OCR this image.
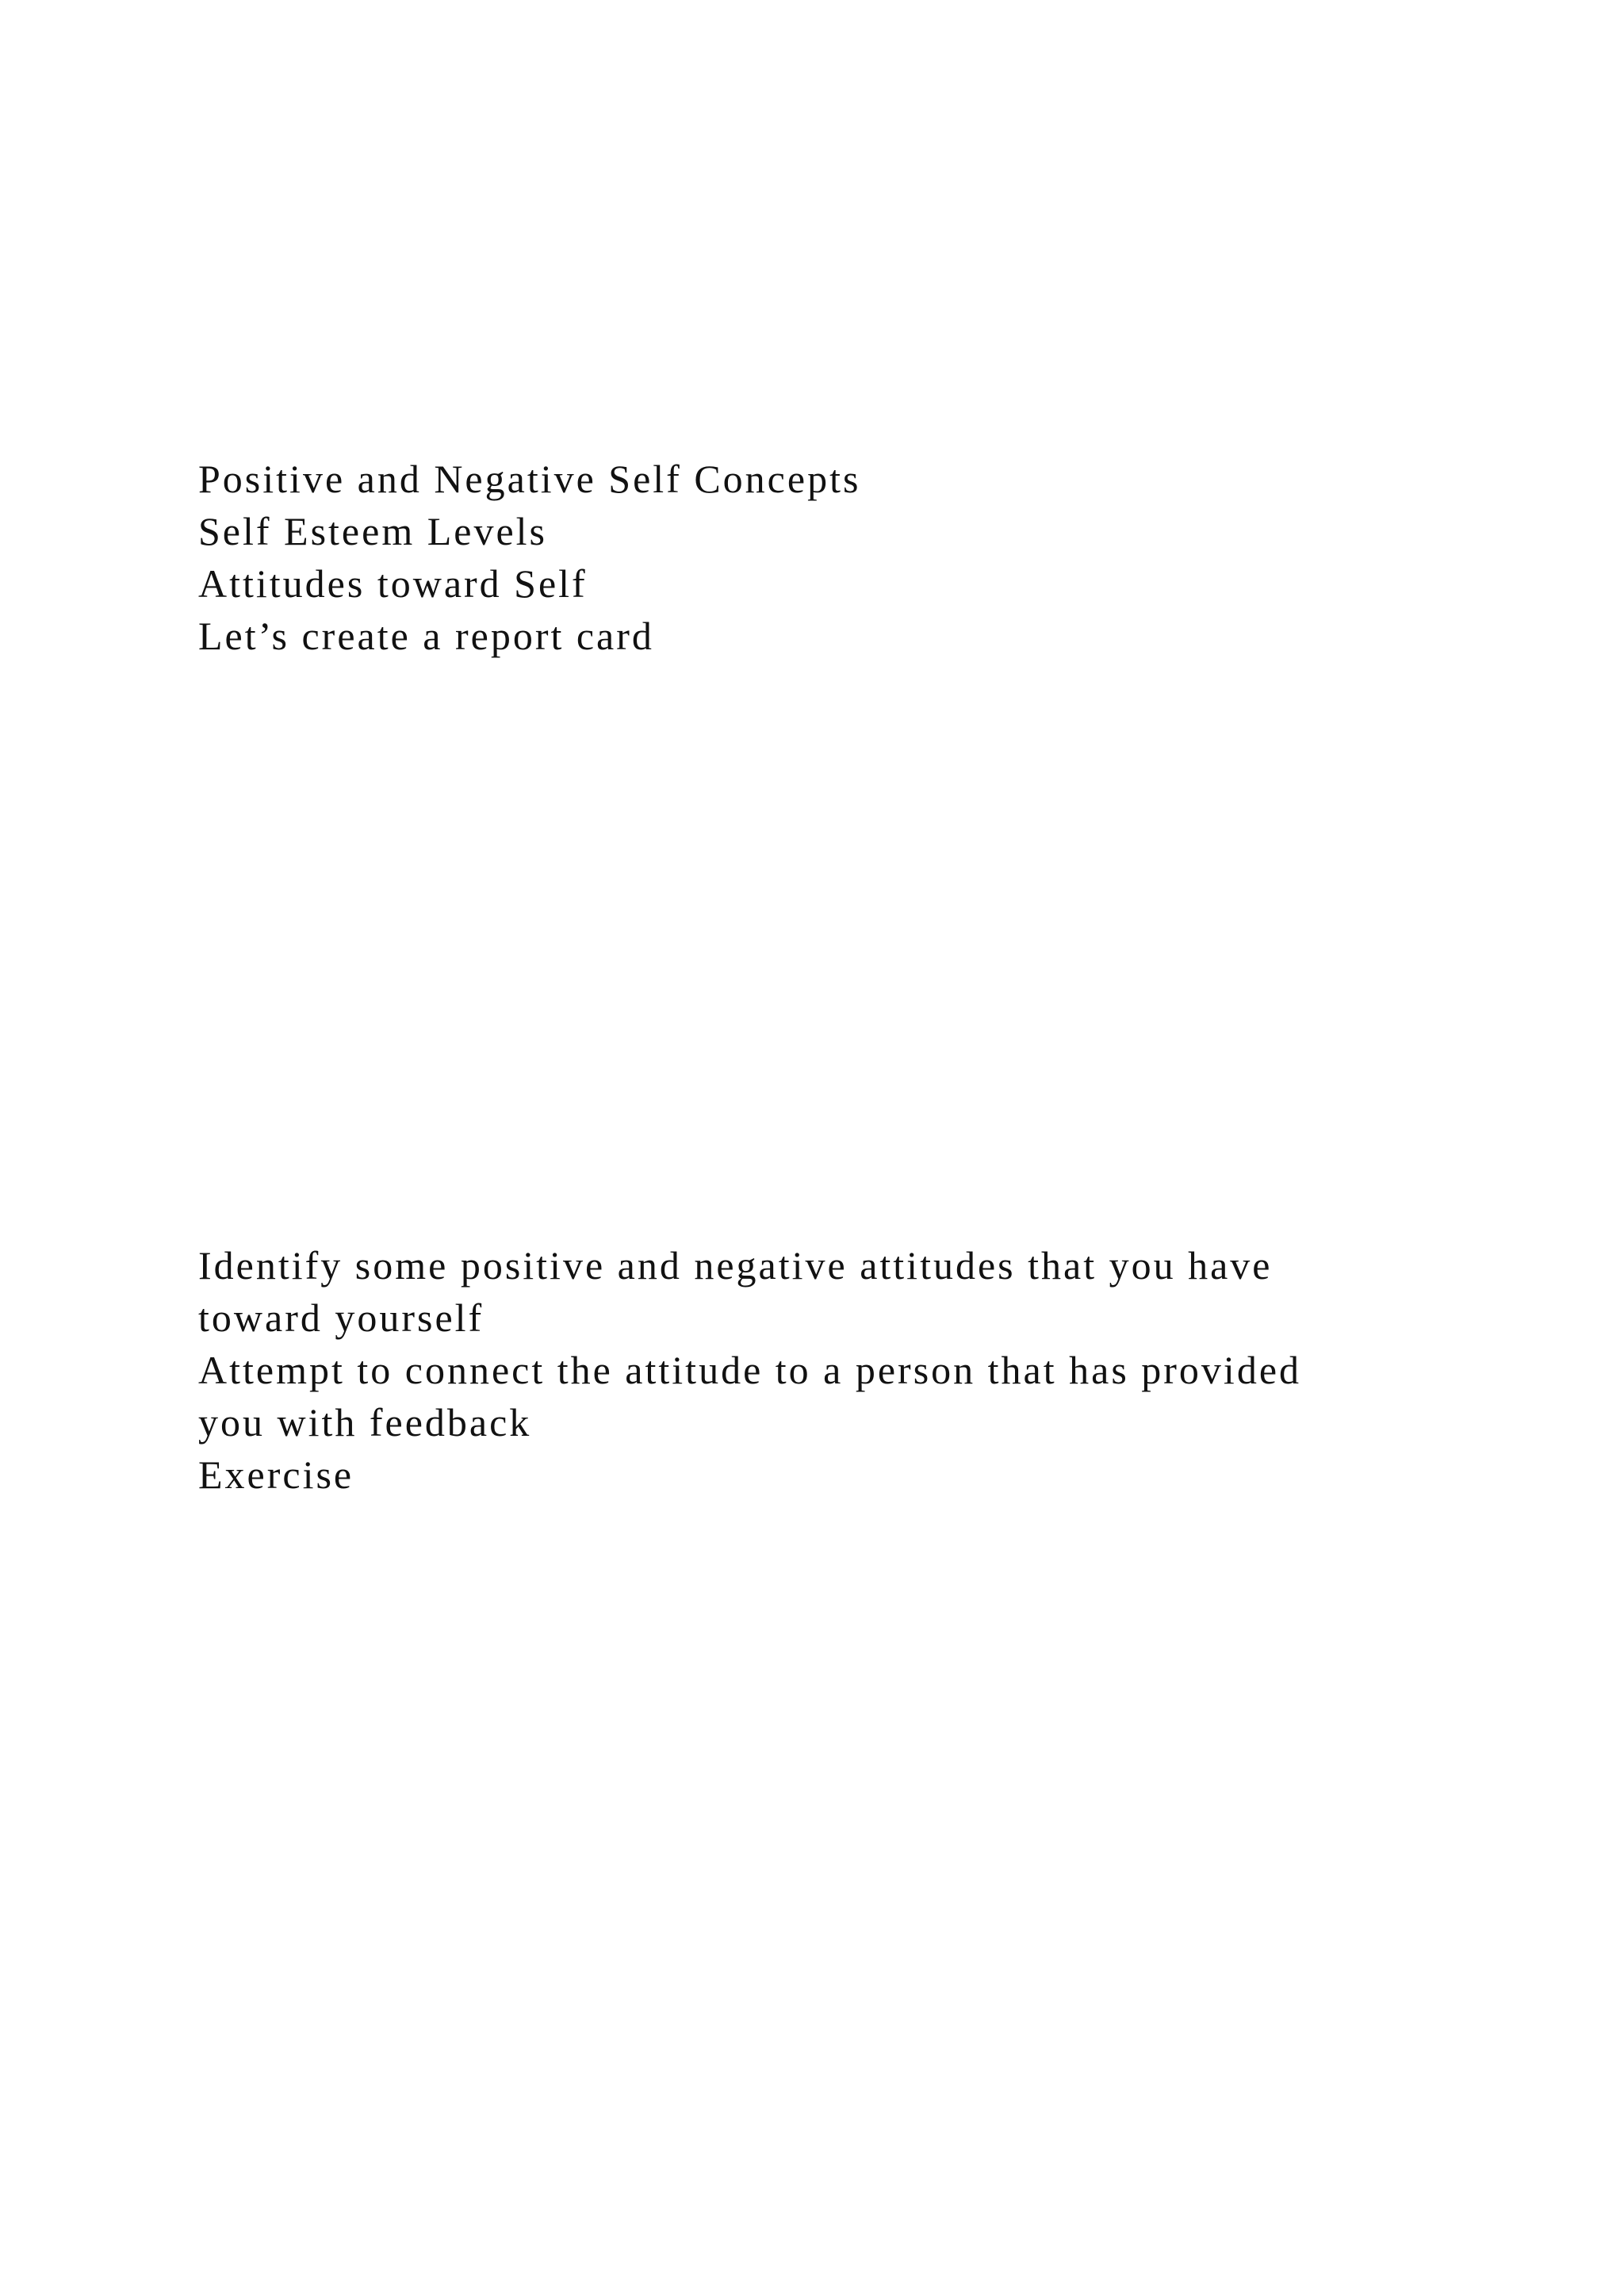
Positive and Negative Self Concepts
Self Esteem Levels
Attitudes toward Self
Let’s create a report card
Identify some positive and negative attitudes that you have
toward yourself
Attempt to connect the attitude to a person that has provided
you with feedback
Exercise
